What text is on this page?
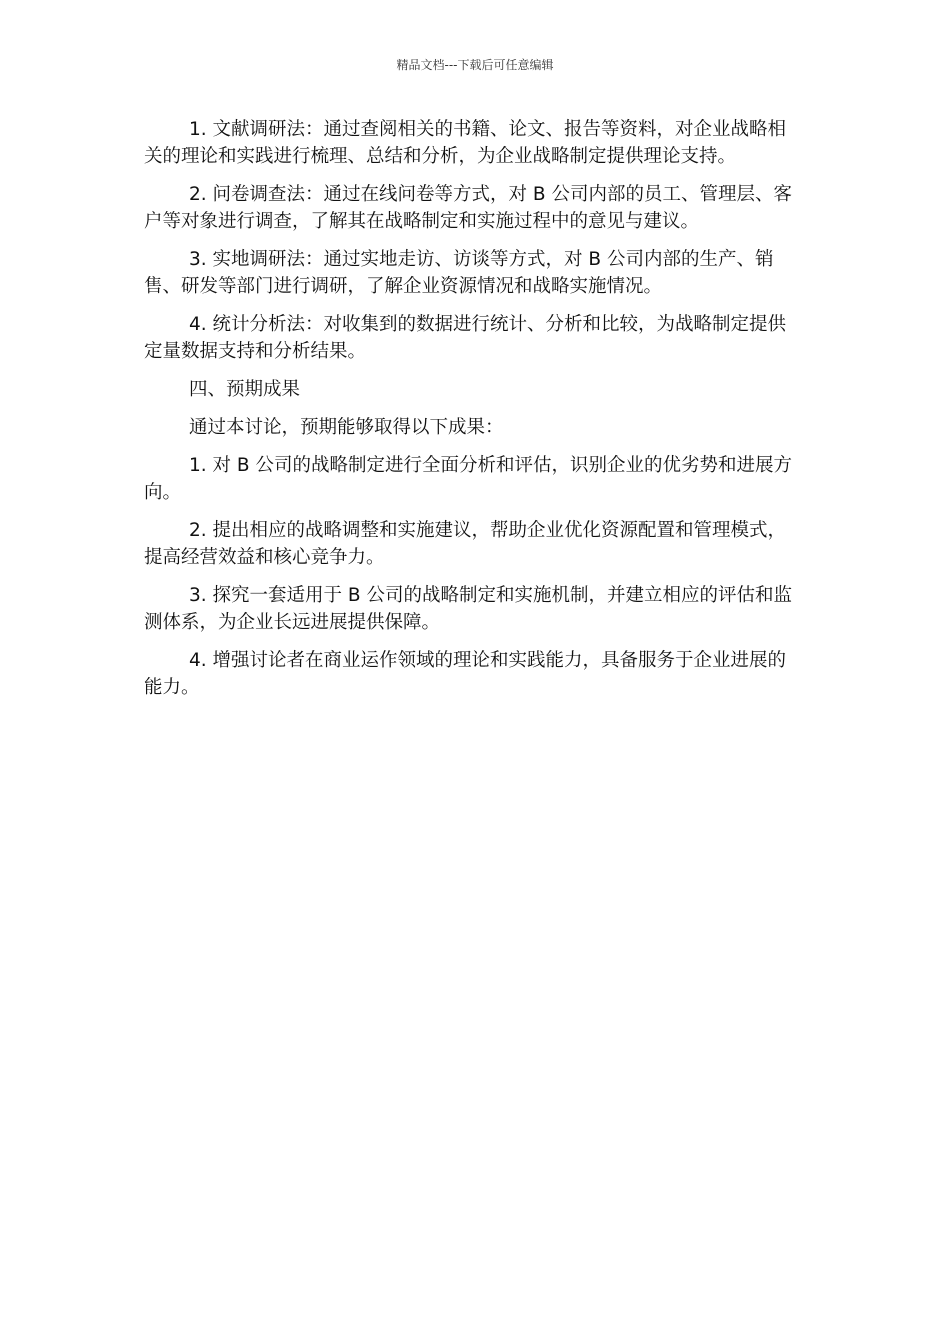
精品文档---下载后可任意编辑

1. 文献调研法：通过查阅相关的书籍、论文、报告等资料，对企业战略相关的理论和实践进行梳理、总结和分析，为企业战略制定提供理论支持。

2. 问卷调查法：通过在线问卷等方式，对 B 公司内部的员工、管理层、客户等对象进行调查，了解其在战略制定和实施过程中的意见与建议。

3. 实地调研法：通过实地走访、访谈等方式，对 B 公司内部的生产、销售、研发等部门进行调研，了解企业资源情况和战略实施情况。

4. 统计分析法：对收集到的数据进行统计、分析和比较，为战略制定提供定量数据支持和分析结果。

四、预期成果

通过本讨论，预期能够取得以下成果：

1. 对 B 公司的战略制定进行全面分析和评估，识别企业的优劣势和进展方向。

2. 提出相应的战略调整和实施建议，帮助企业优化资源配置和管理模式，提高经营效益和核心竞争力。

3. 探究一套适用于 B 公司的战略制定和实施机制，并建立相应的评估和监测体系，为企业长远进展提供保障。

4. 增强讨论者在商业运作领域的理论和实践能力，具备服务于企业进展的能力。
